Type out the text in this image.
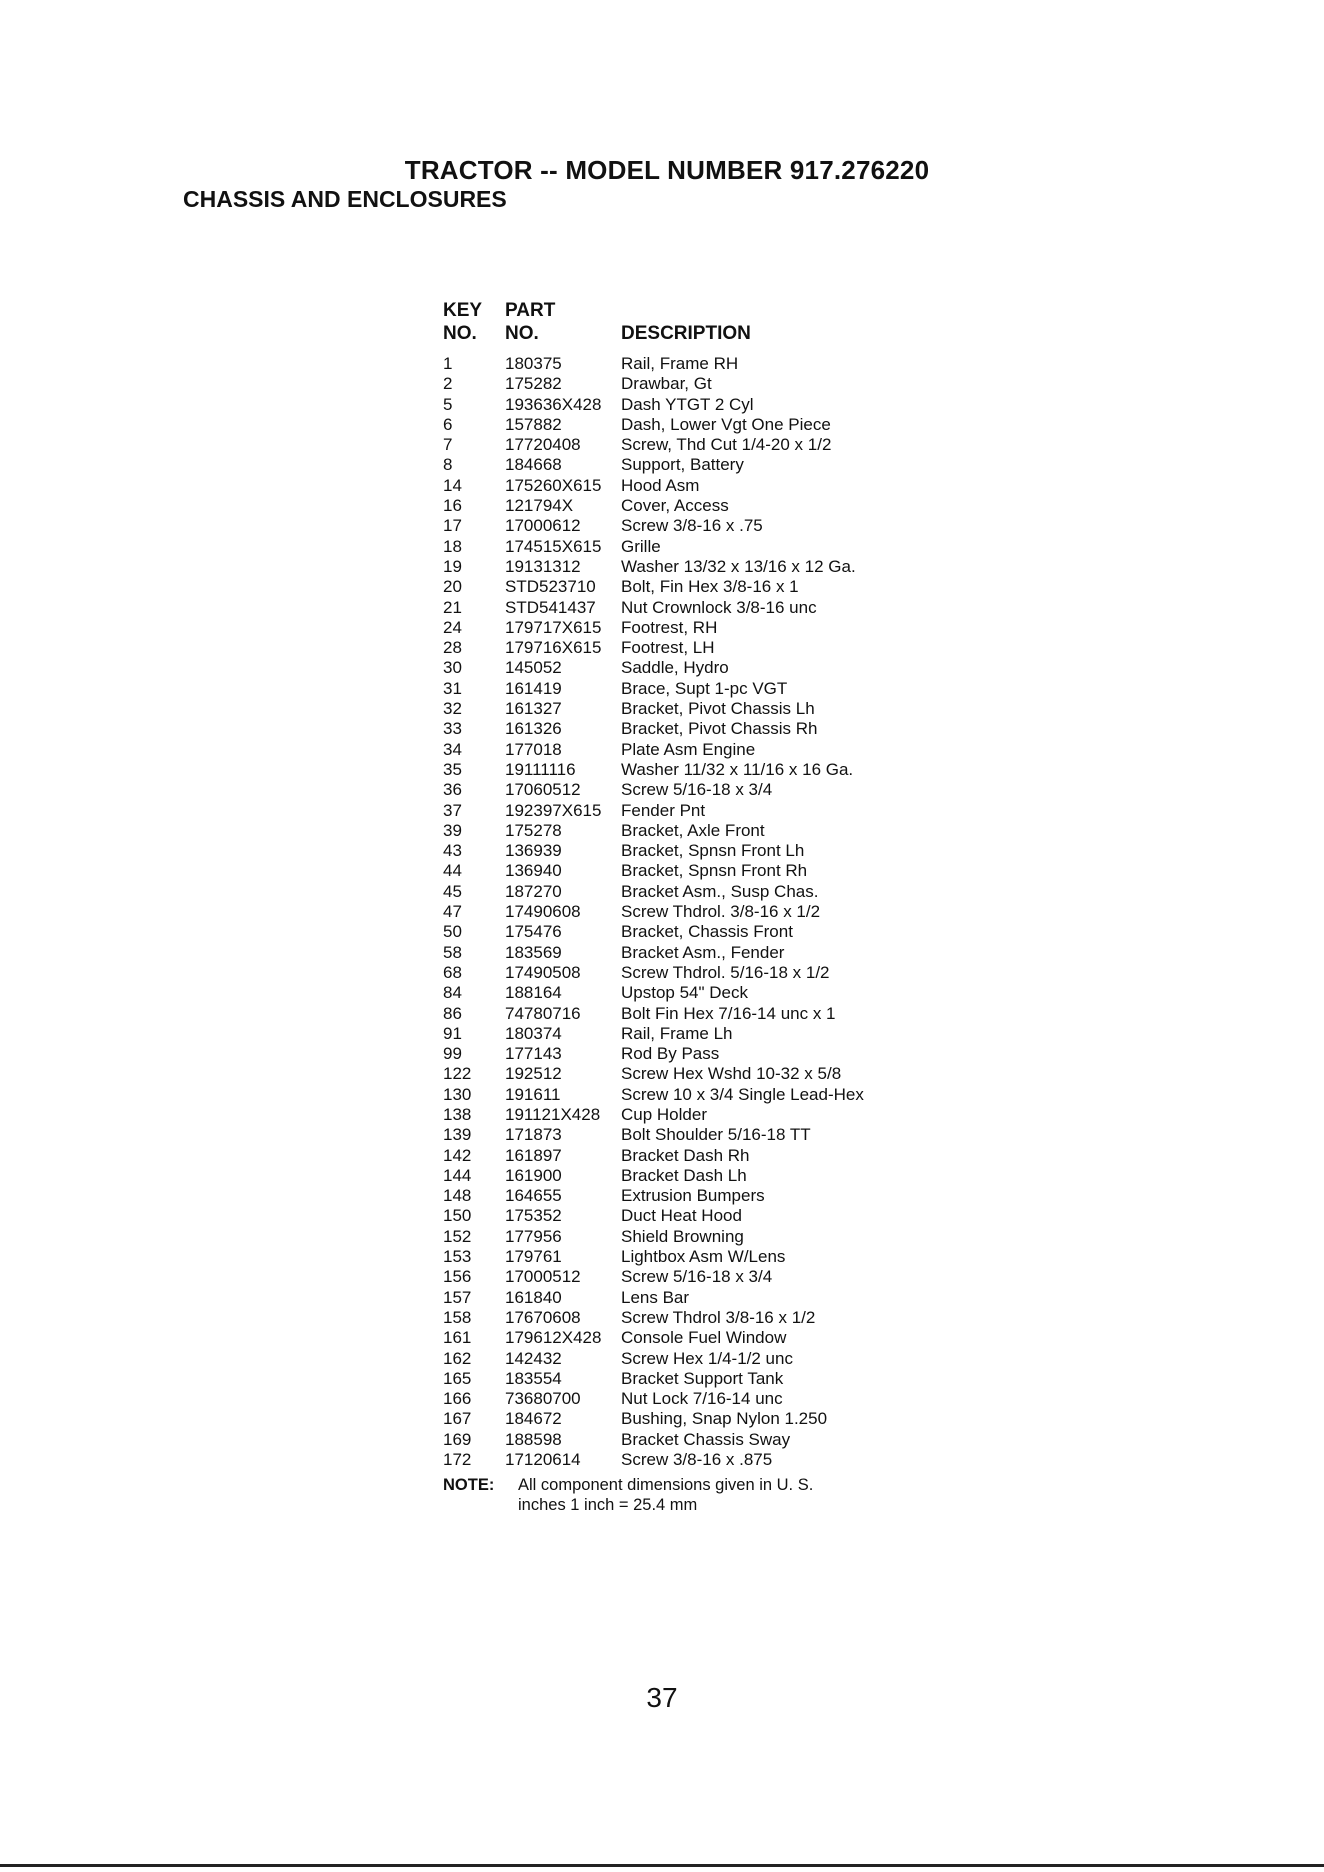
TRACTOR -- MODEL NUMBER 917.276220
CHASSIS AND ENCLOSURES
KEY	PART
NO.	NO.	DESCRIPTION
1	180375	Rail, Frame RH
2	175282	Drawbar, Gt
5	193636X428	Dash YTGT 2 Cyl
6	157882	Dash, Lower Vgt One Piece
7	17720408	Screw, Thd Cut 1/4-20 x 1/2
8	184668	Support, Battery
14	175260X615	Hood Asm
16	121794X	Cover, Access
17	17000612	Screw 3/8-16 x .75
18	174515X615	Grille
19	19131312	Washer 13/32 x 13/16 x 12 Ga.
20	STD523710	Bolt, Fin Hex 3/8-16 x 1
21	STD541437	Nut Crownlock 3/8-16 unc
24	179717X615	Footrest, RH
28	179716X615	Footrest, LH
30	145052	Saddle, Hydro
31	161419	Brace, Supt 1-pc VGT
32	161327	Bracket, Pivot Chassis Lh
33	161326	Bracket, Pivot Chassis Rh
34	177018	Plate Asm Engine
35	19111116	Washer 11/32 x 11/16 x 16 Ga.
36	17060512	Screw 5/16-18 x 3/4
37	192397X615	Fender Pnt
39	175278	Bracket, Axle Front
43	136939	Bracket, Spnsn Front Lh
44	136940	Bracket, Spnsn Front Rh
45	187270	Bracket Asm., Susp Chas.
47	17490608	Screw Thdrol. 3/8-16 x 1/2
50	175476	Bracket, Chassis Front
58	183569	Bracket Asm., Fender
68	17490508	Screw Thdrol. 5/16-18 x 1/2
84	188164	Upstop 54" Deck
86	74780716	Bolt Fin Hex 7/16-14 unc x 1
91	180374	Rail, Frame Lh
99	177143	Rod By Pass
122	192512	Screw Hex Wshd 10-32 x 5/8
130	191611	Screw 10 x 3/4 Single Lead-Hex
138	191121X428	Cup Holder
139	171873	Bolt Shoulder 5/16-18 TT
142	161897	Bracket Dash Rh
144	161900	Bracket Dash Lh
148	164655	Extrusion Bumpers
150	175352	Duct Heat Hood
152	177956	Shield Browning
153	179761	Lightbox Asm W/Lens
156	17000512	Screw 5/16-18 x 3/4
157	161840	Lens Bar
158	17670608	Screw Thdrol 3/8-16 x 1/2
161	179612X428	Console Fuel Window
162	142432	Screw Hex 1/4-1/2 unc
165	183554	Bracket Support Tank
166	73680700	Nut Lock 7/16-14 unc
167	184672	Bushing, Snap Nylon 1.250
169	188598	Bracket Chassis Sway
172	17120614	Screw 3/8-16 x .875
NOTE:	All component dimensions given in U. S.
inches 1 inch = 25.4 mm
37
